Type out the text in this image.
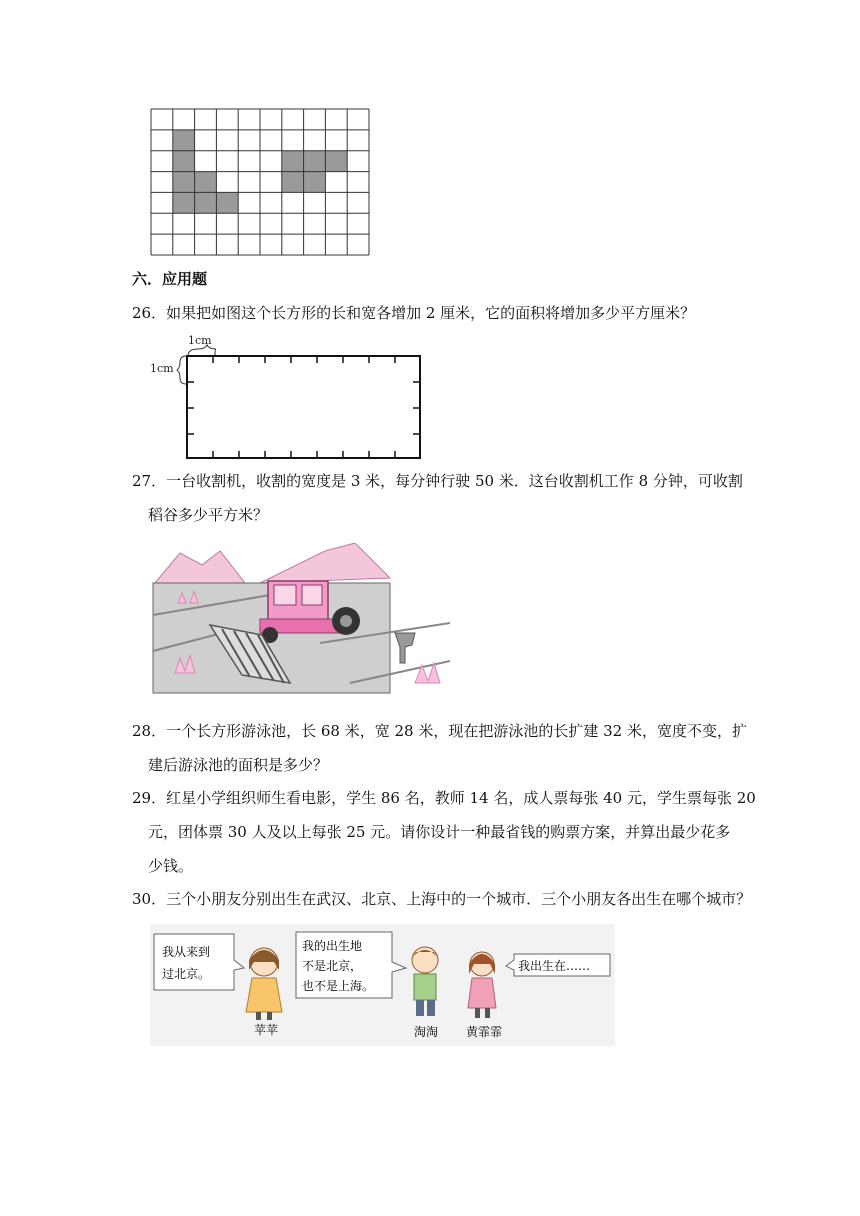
六．应用题
26．如果把如图这个长方形的长和宽各增加 2 厘米，它的面积将增加多少平方厘米？
1cm
1cm
27．一台收割机，收割的宽度是 3 米，每分钟行驶 50 米．这台收割机工作 8 分钟，可收割
稻谷多少平方米？
28．一个长方形游泳池，长 68 米，宽 28 米，现在把游泳池的长扩建 32 米，宽度不变，扩
建后游泳池的面积是多少？
29．红星小学组织师生看电影，学生 86 名，教师 14 名，成人票每张 40 元，学生票每张 20
元，团体票 30 人及以上每张 25 元。请你设计一种最省钱的购票方案，并算出最少花多
少钱。
30．三个小朋友分别出生在武汉、北京、上海中的一个城市．三个小朋友各出生在哪个城市？
我从来到
过北京。
苹苹
我的出生地
不是北京，
也不是上海。
淘淘 黄霏霏
我出生在……
